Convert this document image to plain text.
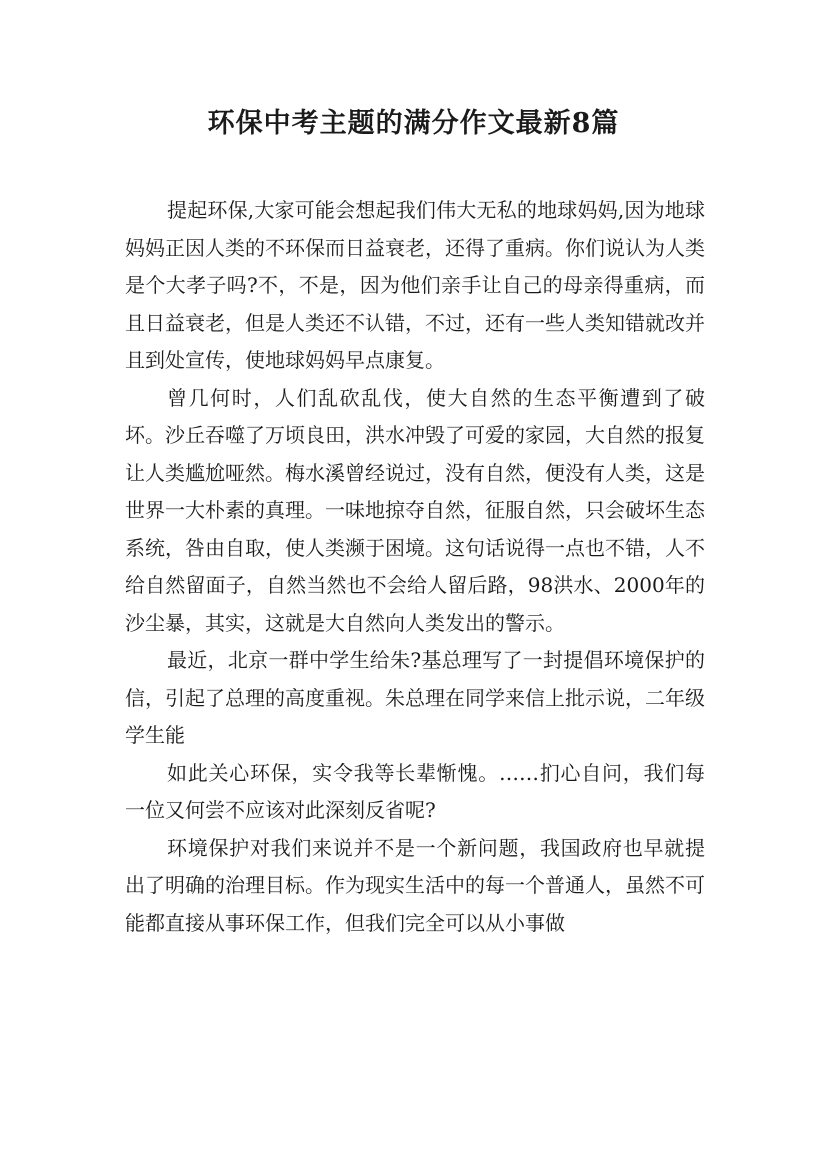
环保中考主题的满分作文最新8篇

提起环保,大家可能会想起我们伟大无私的地球妈妈,因为地球妈妈正因人类的不环保而日益衰老，还得了重病。你们说认为人类是个大孝子吗?不，不是，因为他们亲手让自己的母亲得重病，而且日益衰老，但是人类还不认错，不过，还有一些人类知错就改并且到处宣传，使地球妈妈早点康复。

曾几何时，人们乱砍乱伐，使大自然的生态平衡遭到了破坏。沙丘吞噬了万顷良田，洪水冲毁了可爱的家园，大自然的报复让人类尴尬哑然。梅水溪曾经说过，没有自然，便没有人类，这是世界一大朴素的真理。一味地掠夺自然，征服自然，只会破坏生态系统，咎由自取，使人类濒于困境。这句话说得一点也不错，人不给自然留面子，自然当然也不会给人留后路，98洪水、2000年的沙尘暴，其实，这就是大自然向人类发出的警示。

最近，北京一群中学生给朱?基总理写了一封提倡环境保护的信，引起了总理的高度重视。朱总理在同学来信上批示说，二年级学生能

如此关心环保，实令我等长辈惭愧。……扪心自问，我们每一位又何尝不应该对此深刻反省呢?

环境保护对我们来说并不是一个新问题，我国政府也早就提出了明确的治理目标。作为现实生活中的每一个普通人，虽然不可能都直接从事环保工作，但我们完全可以从小事做
